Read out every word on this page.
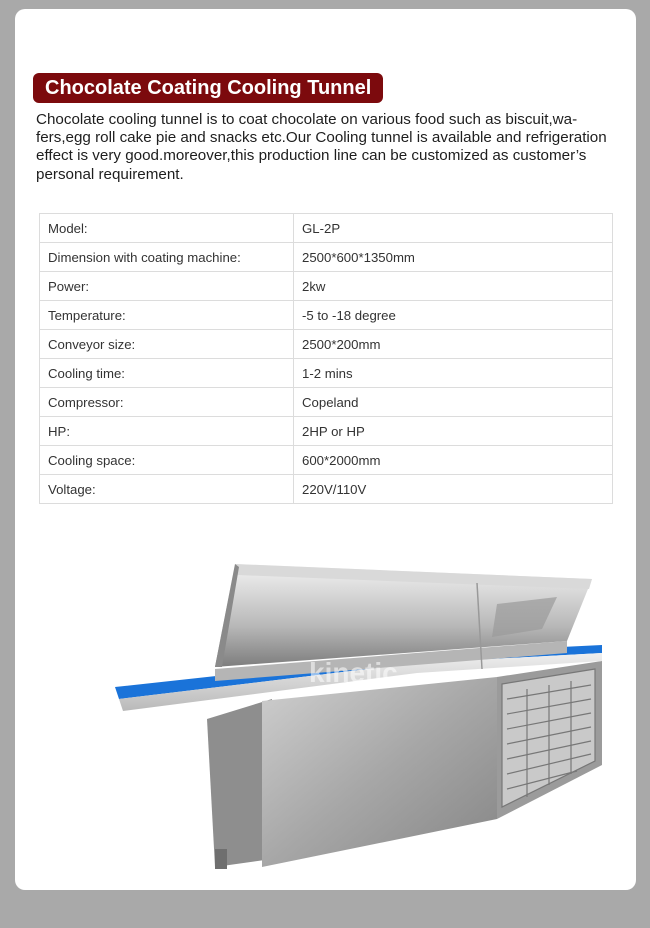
Chocolate Coating Cooling Tunnel
Chocolate cooling tunnel is to coat chocolate on various food such as biscuit,wa-fers,egg roll cake pie and snacks etc.Our Cooling tunnel is available and refrigeration effect is very good.moreover,this production line can be customized as customer’s personal requirement.
Model:	GL-2P
Dimension with coating machine:	2500*600*1350mm
Power:	2kw
Temperature:	-5 to -18 degree
Conveyor size:	2500*200mm
Cooling time:	1-2 mins
Compressor:	Copeland
HP:	2HP or HP
Cooling space:	600*2000mm
Voltage:	220V/110V
kinetic
